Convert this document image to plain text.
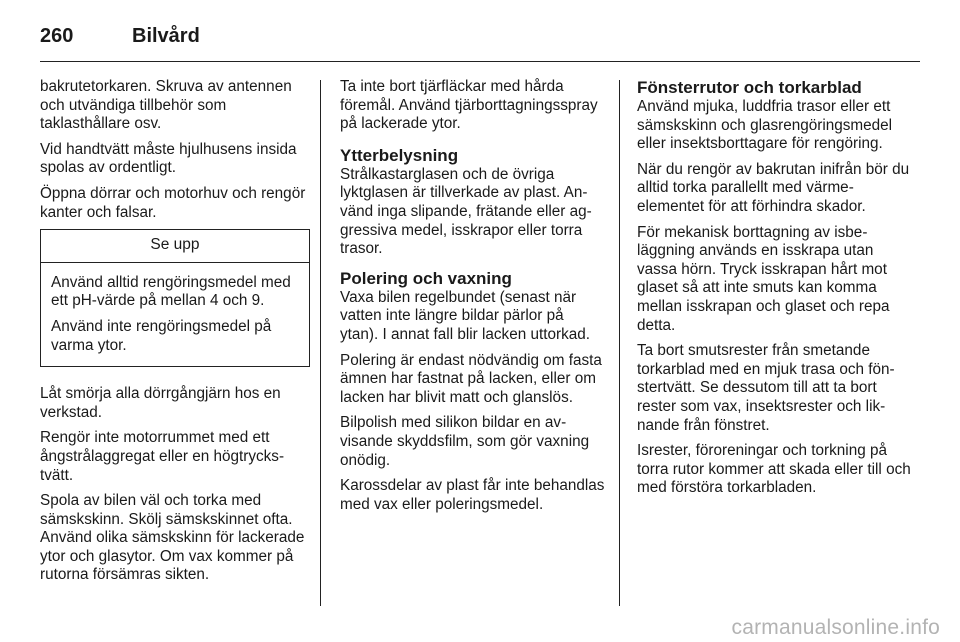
260	Bilvård

bakrutetorkaren. Skruva av antennen och utvändiga tillbehör som taklasthållare osv.

Vid handtvätt måste hjulhusens insida spolas av ordentligt.

Öppna dörrar och motorhuv och rengör kanter och falsar.

Se upp

Använd alltid rengöringsmedel med ett pH-värde på mellan 4 och 9.

Använd inte rengöringsmedel på varma ytor.

Låt smörja alla dörrgångjärn hos en verkstad.

Rengör inte motorrummet med ett ångstrålaggregat eller en högtryckstvätt.

Spola av bilen väl och torka med sämskskinn. Skölj sämskskinnet ofta. Använd olika sämskskinn för lackerade ytor och glasytor. Om vax kommer på rutorna försämras sikten.

Ta inte bort tjärfläckar med hårda föremål. Använd tjärborttagningsspray på lackerade ytor.

Ytterbelysning

Strålkastarglasen och de övriga lyktglasen är tillverkade av plast. Använd inga slipande, frätande eller aggressiva medel, isskrapor eller torra trasor.

Polering och vaxning

Vaxa bilen regelbundet (senast när vatten inte längre bildar pärlor på ytan). I annat fall blir lacken uttorkad.

Polering är endast nödvändig om fasta ämnen har fastnat på lacken, eller om lacken har blivit matt och glanslös.

Bilpolish med silikon bildar en avvisande skyddsfilm, som gör vaxning onödig.

Karossdelar av plast får inte behandlas med vax eller poleringsmedel.

Fönsterrutor och torkarblad

Använd mjuka, luddfria trasor eller ett sämskskinn och glasrengöringsmedel eller insektsborttagare för rengöring.

När du rengör av bakrutan inifrån bör du alltid torka parallellt med värmeelementet för att förhindra skador.

För mekanisk borttagning av isbeläggning används en isskrapa utan vassa hörn. Tryck isskrapan hårt mot glaset så att inte smuts kan komma mellan isskrapan och glaset och repa detta.

Ta bort smutsrester från smetande torkarblad med en mjuk trasa och fönstertvätt. Se dessutom till att ta bort rester som vax, insektsrester och liknande från fönstret.

Isrester, föroreningar och torkning på torra rutor kommer att skada eller till och med förstöra torkarbladen.

carmanualsonline.info
